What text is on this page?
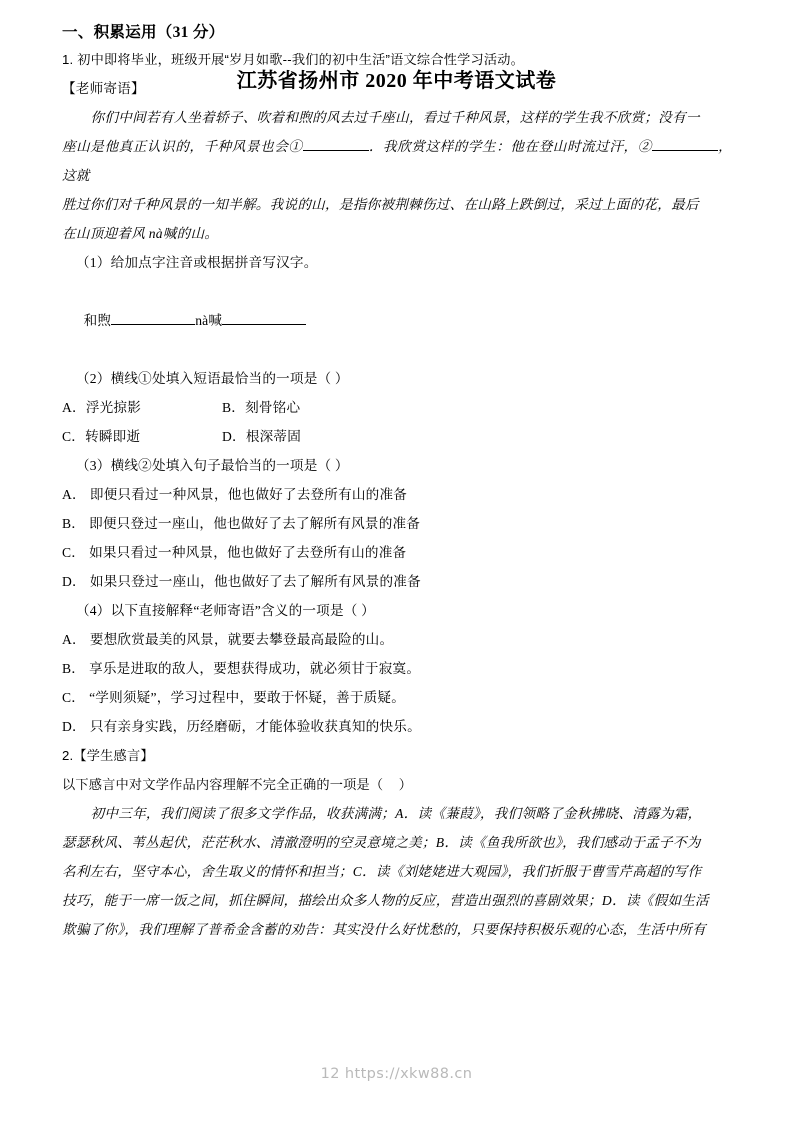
江苏省扬州市 2020 年中考语文试卷
一、积累运用（31 分）
1. 初中即将毕业，班级开展“岁月如歌--我们的初中生活”语文综合性学习活动。
【老师寄语】
你们中间若有人坐着轿子、吹着和煦的风去过千座山，看过千种风景，这样的学生我不欣赏；没有一
座山是他真正认识的，千种风景也会①	．我欣赏这样的学生：他在登山时流过汗，②	，这就
胜过你们对千种风景的一知半解。我说的山，是指你被荆棘伤过、在山路上跌倒过，采过上面的花，最后
在山顶迎着风 nà喊的山。
（1）给加点字注音或根据拼音写汉字。

和煦	nà喊

（2）横线①处填入短语最恰当的一项是（ ）
A．浮光掠影	B．刻骨铭心
C．转瞬即逝	D．根深蒂固
（3）横线②处填入句子最恰当的一项是（ ）
A． 即便只看过一种风景，他也做好了去登所有山的准备
B． 即便只登过一座山，他也做好了去了解所有风景的准备
C． 如果只看过一种风景，他也做好了去登所有山的准备
D． 如果只登过一座山，他也做好了去了解所有风景的准备
（4）以下直接解释“老师寄语”含义的一项是（ ）
A． 要想欣赏最美的风景，就要去攀登最高最险的山。
B． 享乐是进取的敌人，要想获得成功，就必须甘于寂寞。
C． “学则须疑”，学习过程中，要敢于怀疑，善于质疑。
D． 只有亲身实践，历经磨砺，才能体验收获真知的快乐。
2.【学生感言】
以下感言中对文学作品内容理解不完全正确的一项是（    ）
初中三年，我们阅读了很多文学作品，收获满满；A．读《蒹葭》，我们领略了金秋拂晓、清露为霜，
瑟瑟秋风、苇丛起伏，茫茫秋水、清澈澄明的空灵意境之美；B．读《鱼我所欲也》，我们感动于孟子不为
名利左右，坚守本心，舍生取义的情怀和担当；C．读《刘姥姥进大观园》，我们折服于曹雪芹高超的写作
技巧，能于一席一饭之间，抓住瞬间，描绘出众多人物的反应，营造出强烈的喜剧效果；D．读《假如生活
欺骗了你》，我们理解了普希金含蓄的劝告：其实没什么好忧愁的，只要保持积极乐观的心态，生活中所有
12 https://xkw88.cn
